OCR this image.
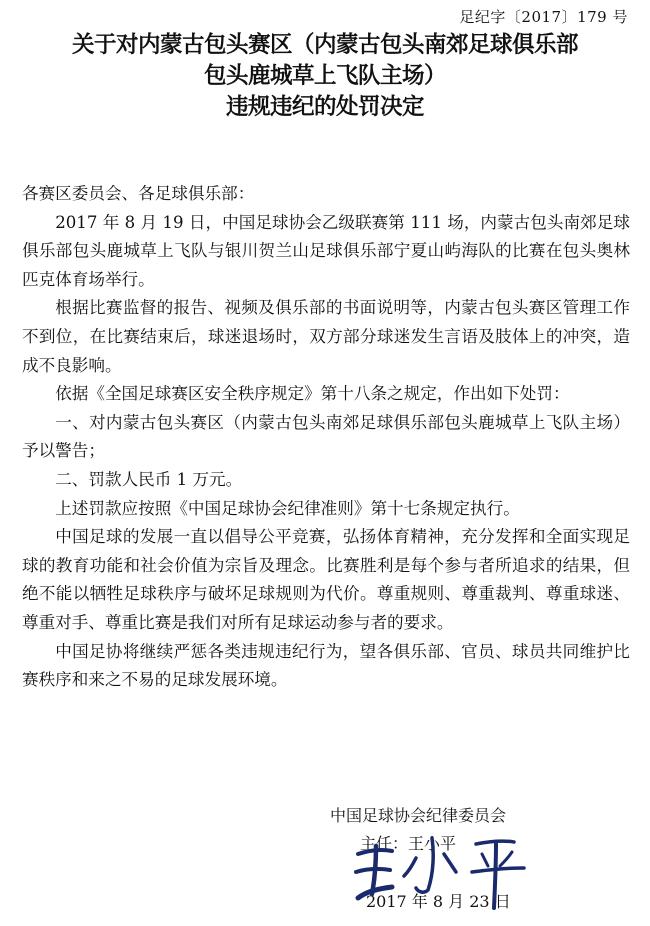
足纪字〔2017〕179 号
关于对内蒙古包头赛区（内蒙古包头南郊足球俱乐部
包头鹿城草上飞队主场）
违规违纪的处罚决定

各赛区委员会、各足球俱乐部：

2017 年 8 月 19 日，中国足球协会乙级联赛第 111 场，内蒙古包头南郊足球俱乐部包头鹿城草上飞队与银川贺兰山足球俱乐部宁夏山屿海队的比赛在包头奥林匹克体育场举行。

根据比赛监督的报告、视频及俱乐部的书面说明等，内蒙古包头赛区管理工作不到位，在比赛结束后，球迷退场时，双方部分球迷发生言语及肢体上的冲突，造成不良影响。

依据《全国足球赛区安全秩序规定》第十八条之规定，作出如下处罚：

一、对内蒙古包头赛区（内蒙古包头南郊足球俱乐部包头鹿城草上飞队主场）予以警告；

二、罚款人民币 1 万元。

上述罚款应按照《中国足球协会纪律准则》第十七条规定执行。

中国足球的发展一直以倡导公平竞赛，弘扬体育精神，充分发挥和全面实现足球的教育功能和社会价值为宗旨及理念。比赛胜利是每个参与者所追求的结果，但绝不能以牺牲足球秩序与破坏足球规则为代价。尊重规则、尊重裁判、尊重球迷、尊重对手、尊重比赛是我们对所有足球运动参与者的要求。

中国足协将继续严惩各类违规违纪行为，望各俱乐部、官员、球员共同维护比赛秩序和来之不易的足球发展环境。

中国足球协会纪律委员会
主任：王小平
2017 年 8 月 23 日
